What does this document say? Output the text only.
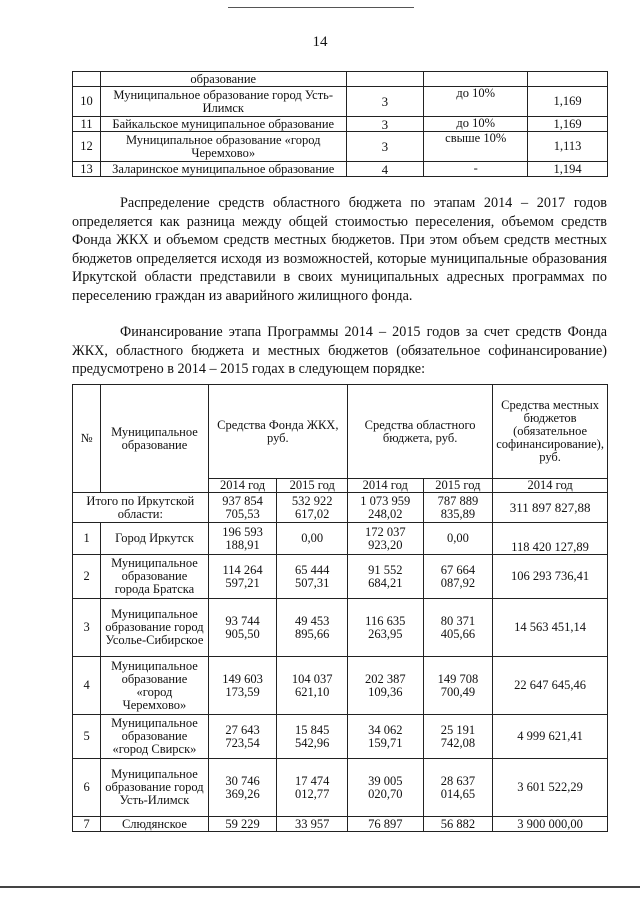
14
	образование			
10	Муниципальное образование город Усть-Илимск	3	до 10%	1,169
11	Байкальское муниципальное образование	3	до 10%	1,169
12	Муниципальное образование «город Черемхово»	3	свыше 10%	1,113
13	Заларинское муниципальное образование	4	-	1,194

Распределение средств областного бюджета по этапам 2014 – 2017 годов определяется как разница между общей стоимостью переселения, объемом средств Фонда ЖКХ и объемом средств местных бюджетов. При этом объем средств местных бюджетов определяется исходя из возможностей, которые муниципальные образования Иркутской области представили в своих муниципальных адресных программах по переселению граждан из аварийного жилищного фонда.

Финансирование этапа Программы 2014 – 2015 годов за счет средств Фонда ЖКХ, областного бюджета и местных бюджетов (обязательное софинансирование) предусмотрено в 2014 – 2015 годах в следующем порядке:

№	Муниципальное образование	Средства Фонда ЖКХ, руб.		Средства областного бюджета, руб.		Средства местных бюджетов (обязательное софинансирование), руб.
		2014 год	2015 год	2014 год	2015 год	2014 год
Итого по Иркутской области:		937 854 705,53	532 922 617,02	1 073 959 248,02	787 889 835,89	311 897 827,88
1	Город Иркутск	196 593 188,91	0,00	172 037 923,20	0,00	118 420 127,89
2	Муниципальное образование города Братска	114 264 597,21	65 444 507,31	91 552 684,21	67 664 087,92	106 293 736,41
3	Муниципальное образование город Усолье-Сибирское	93 744 905,50	49 453 895,66	116 635 263,95	80 371 405,66	14 563 451,14
4	Муниципальное образование «город Черемхово»	149 603 173,59	104 037 621,10	202 387 109,36	149 708 700,49	22 647 645,46
5	Муниципальное образование «город Свирск»	27 643 723,54	15 845 542,96	34 062 159,71	25 191 742,08	4 999 621,41
6	Муниципальное образование город Усть-Илимск	30 746 369,26	17 474 012,77	39 005 020,70	28 637 014,65	3 601 522,29
7	Слюдянское	59 229	33 957	76 897	56 882	3 900 000,00
